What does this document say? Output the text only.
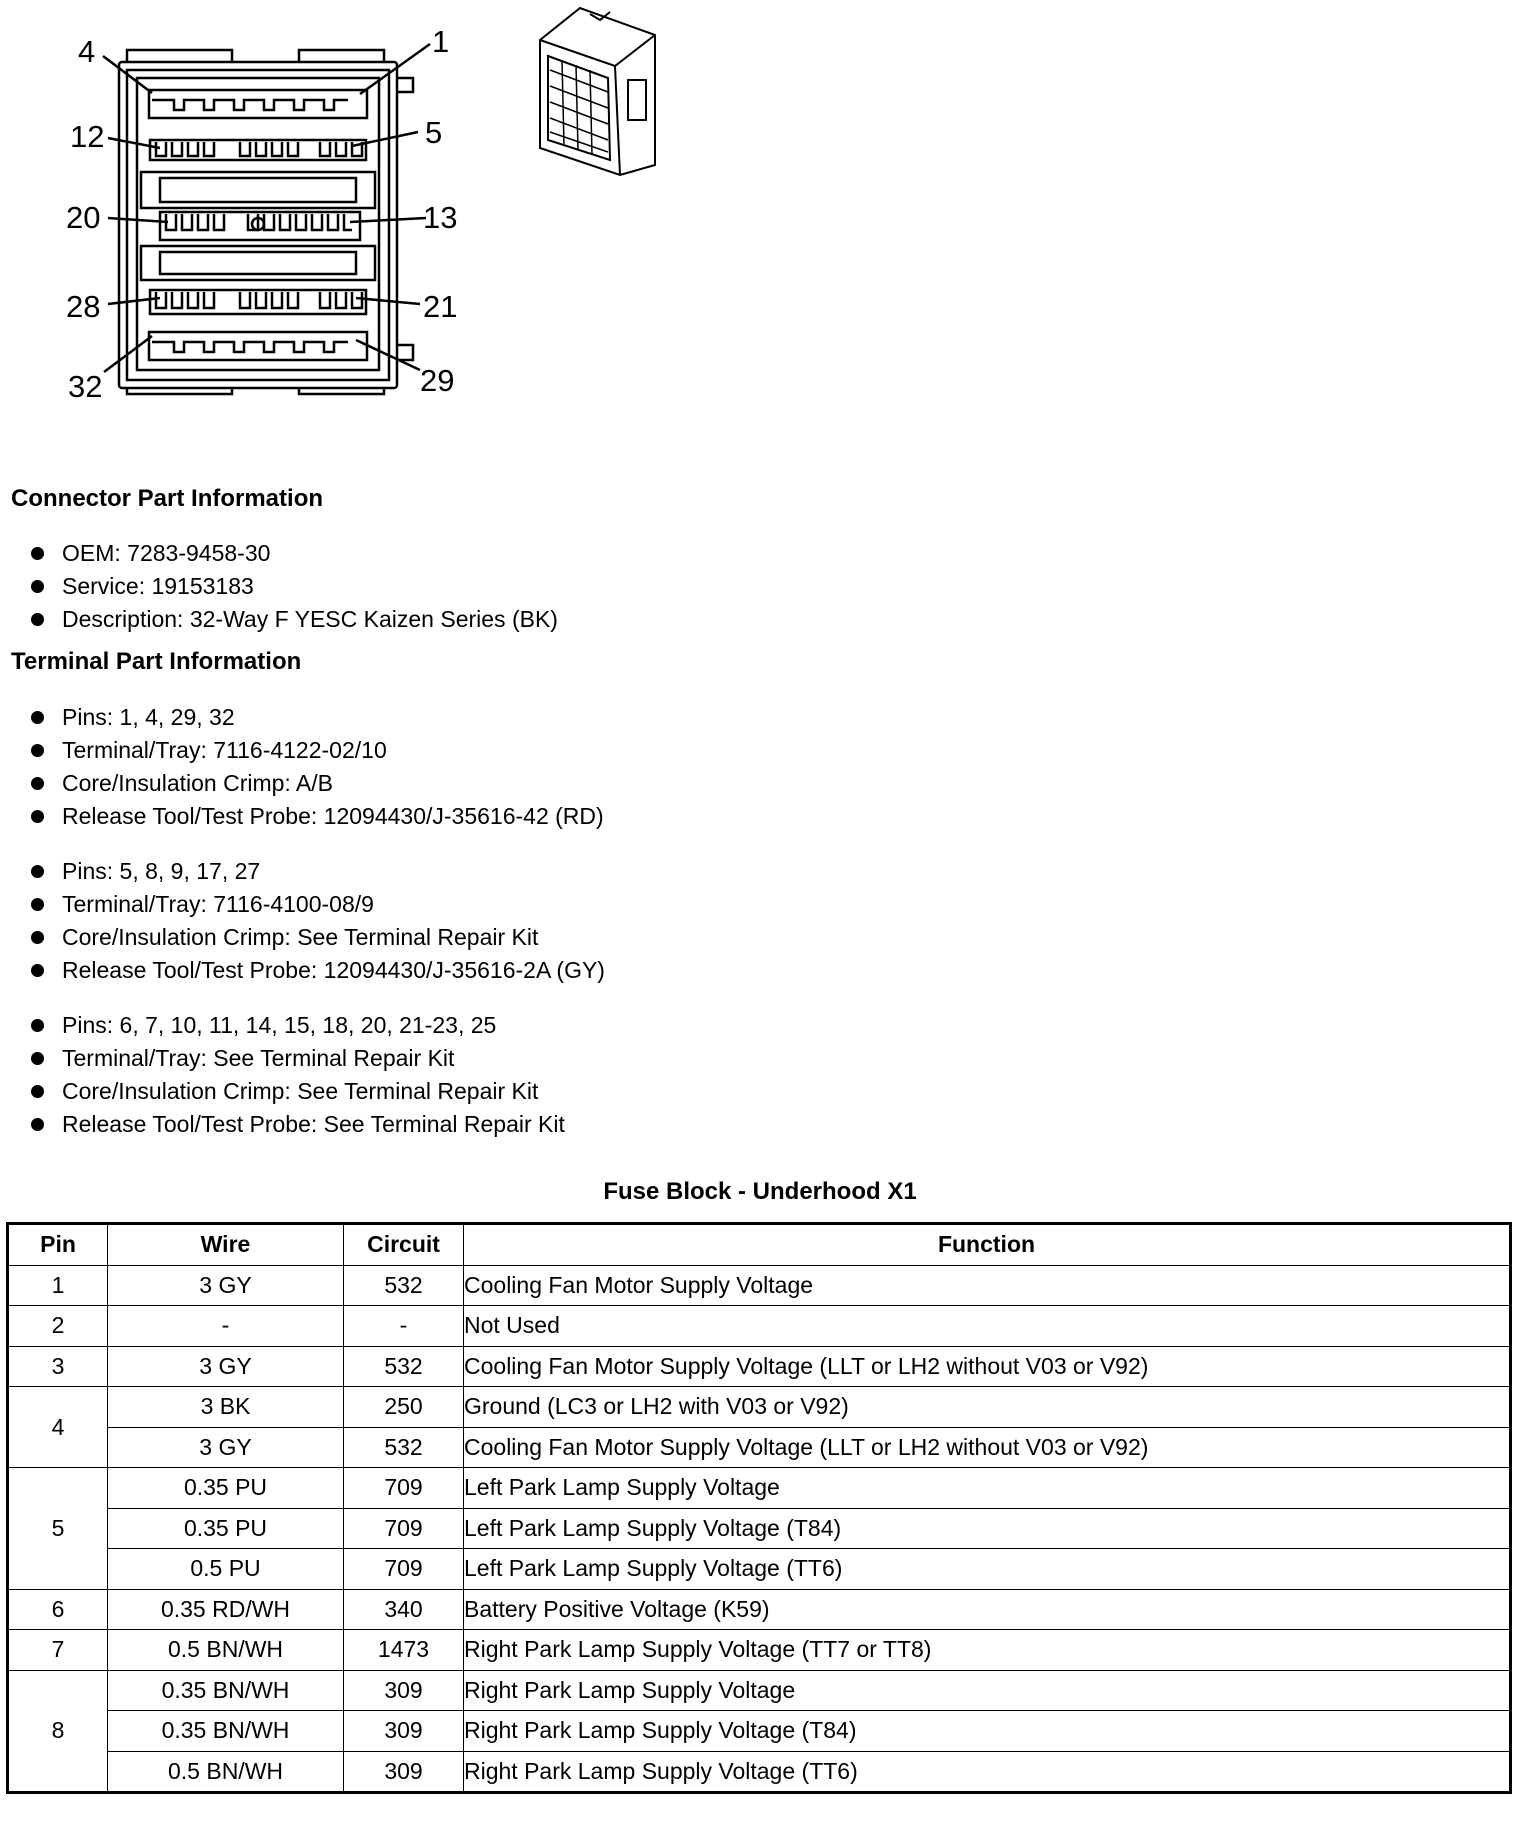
4	1
12	5
20	13
28	21
32	29
Connector Part Information
OEM: 7283-9458-30
Service: 19153183
Description: 32-Way F YESC Kaizen Series (BK)
Terminal Part Information
Pins: 1, 4, 29, 32
Terminal/Tray: 7116-4122-02/10
Core/Insulation Crimp: A/B
Release Tool/Test Probe: 12094430/J-35616-42 (RD)
Pins: 5, 8, 9, 17, 27
Terminal/Tray: 7116-4100-08/9
Core/Insulation Crimp: See Terminal Repair Kit
Release Tool/Test Probe: 12094430/J-35616-2A (GY)
Pins: 6, 7, 10, 11, 14, 15, 18, 20, 21-23, 25
Terminal/Tray: See Terminal Repair Kit
Core/Insulation Crimp: See Terminal Repair Kit
Release Tool/Test Probe: See Terminal Repair Kit
Fuse Block - Underhood X1
Pin	Wire	Circuit	Function
1	3 GY	532	Cooling Fan Motor Supply Voltage
2	-	-	Not Used
3	3 GY	532	Cooling Fan Motor Supply Voltage (LLT or LH2 without V03 or V92)
4	3 BK	250	Ground (LC3 or LH2 with V03 or V92)
	3 GY	532	Cooling Fan Motor Supply Voltage (LLT or LH2 without V03 or V92)
5	0.35 PU	709	Left Park Lamp Supply Voltage
	0.35 PU	709	Left Park Lamp Supply Voltage (T84)
	0.5 PU	709	Left Park Lamp Supply Voltage (TT6)
6	0.35 RD/WH	340	Battery Positive Voltage (K59)
7	0.5 BN/WH	1473	Right Park Lamp Supply Voltage (TT7 or TT8)
8	0.35 BN/WH	309	Right Park Lamp Supply Voltage
	0.35 BN/WH	309	Right Park Lamp Supply Voltage (T84)
	0.5 BN/WH	309	Right Park Lamp Supply Voltage (TT6)
